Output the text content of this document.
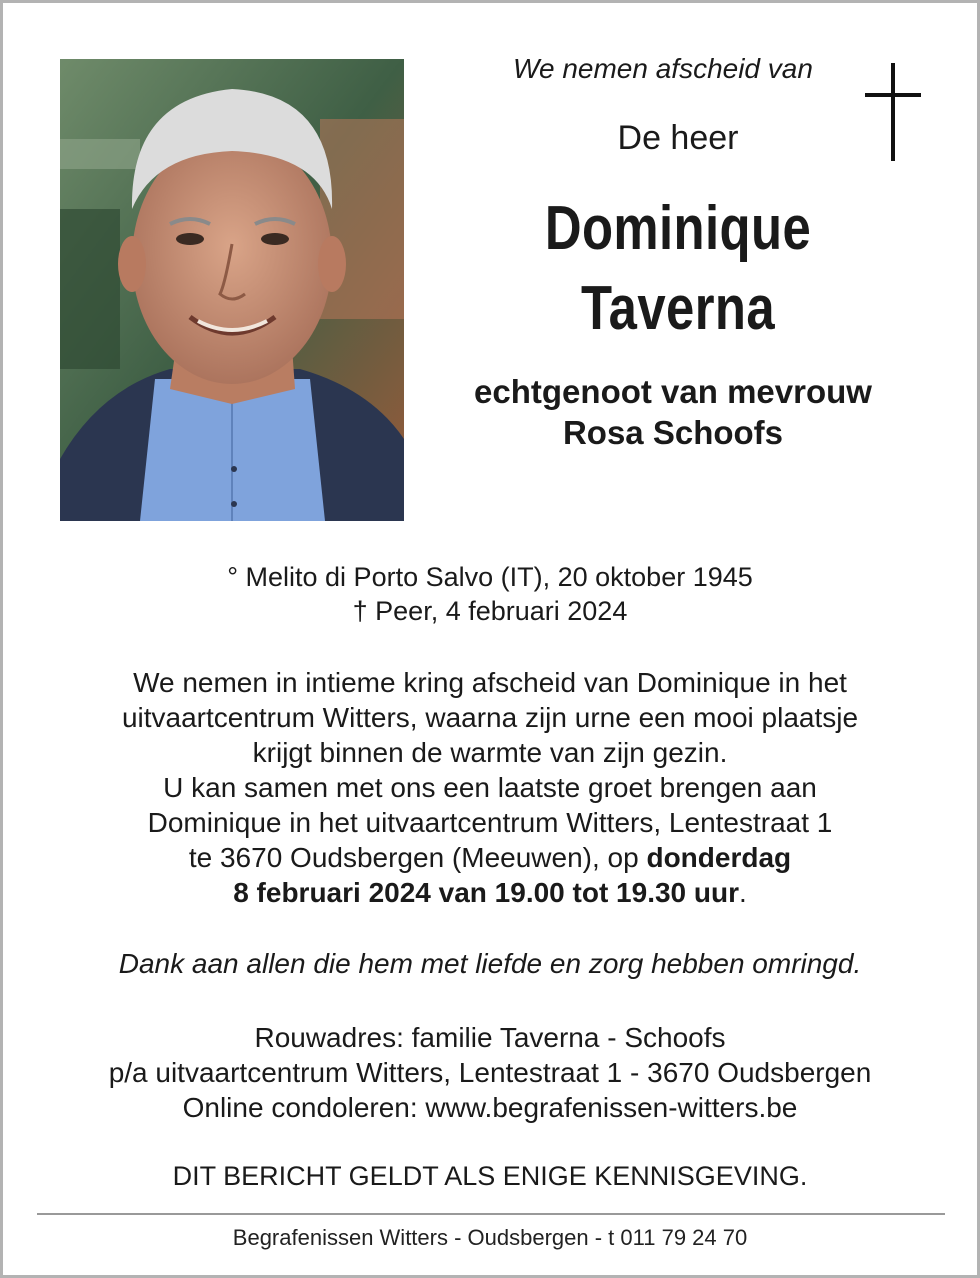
We nemen afscheid van
De heer
Dominique
Taverna
echtgenoot van mevrouw
Rosa Schoofs
° Melito di Porto Salvo (IT), 20 oktober 1945
† Peer, 4 februari 2024
We nemen in intieme kring afscheid van Dominique in het
uitvaartcentrum Witters, waarna zijn urne een mooi plaatsje
krijgt binnen de warmte van zijn gezin.
U kan samen met ons een laatste groet brengen aan
Dominique in het uitvaartcentrum Witters, Lentestraat 1
te 3670 Oudsbergen (Meeuwen), op donderdag
8 februari 2024 van 19.00 tot 19.30 uur.
Dank aan allen die hem met liefde en zorg hebben omringd.
Rouwadres: familie Taverna - Schoofs
p/a uitvaartcentrum Witters, Lentestraat 1 - 3670 Oudsbergen
Online condoleren: www.begrafenissen-witters.be
DIT BERICHT GELDT ALS ENIGE KENNISGEVING.
Begrafenissen Witters - Oudsbergen - t 011 79 24 70
